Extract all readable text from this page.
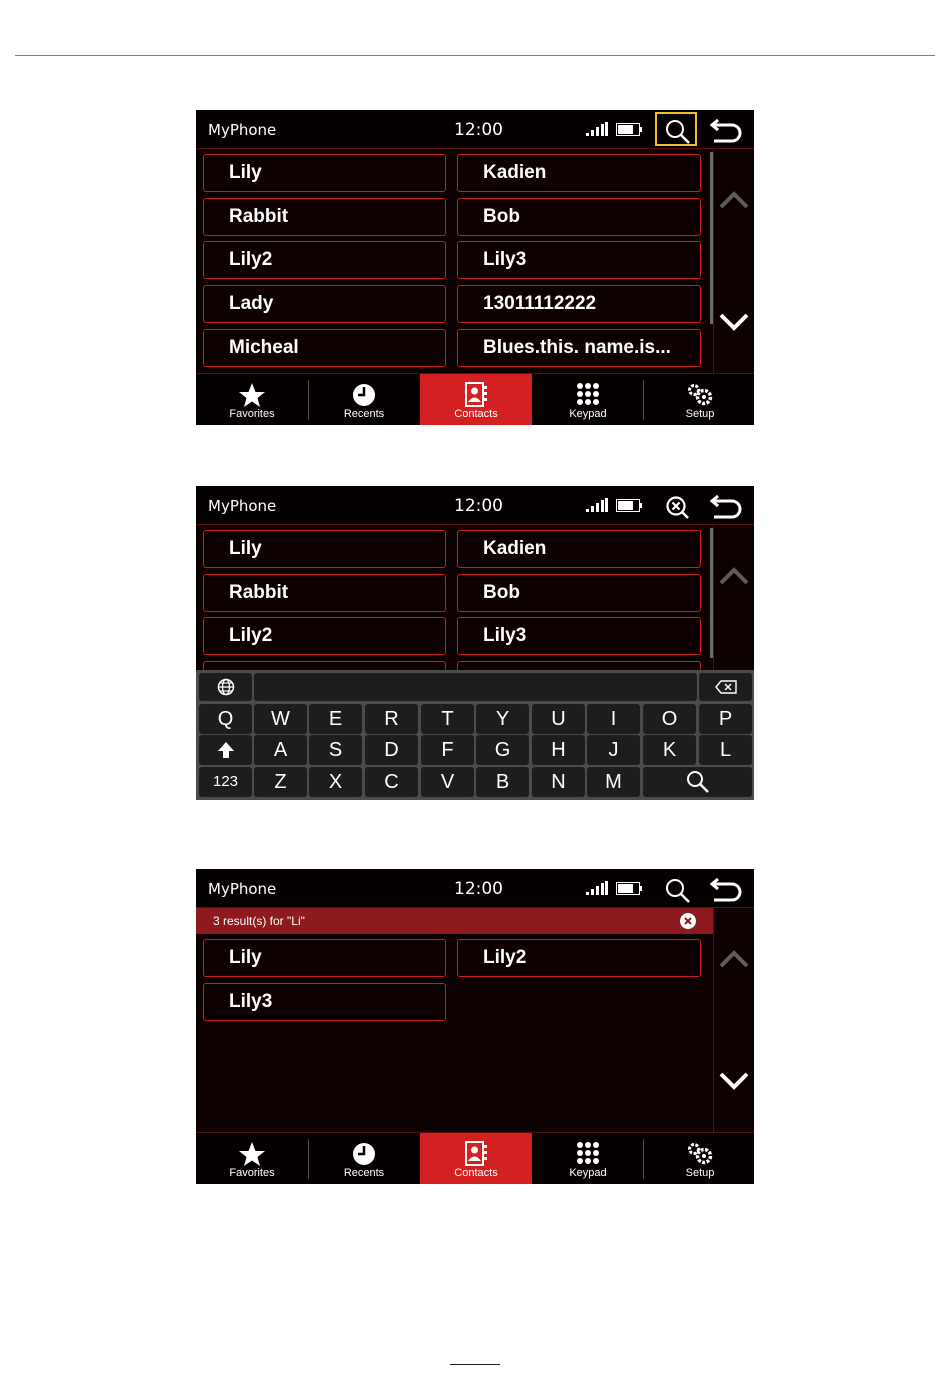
MyPhone	12:00
Lily
Rabbit
Lily2
Lady
Micheal
Kadien
Bob
Lily3
13011112222
Blues.this. name.is...
Favorites	Recents	Contacts	Keypad	Setup
MyPhone	12:00
Lily
Rabbit
Lily2
Kadien
Bob
Lily3
Q	W	E	R	T	Y	U	I	O	P
A	S	D	F	G	H	J	K	L
123	Z	X	C	V	B	N	M
MyPhone	12:00
3 result(s) for "Li"
Lily	Lily2
Lily3
Favorites	Recents	Contacts	Keypad	Setup
